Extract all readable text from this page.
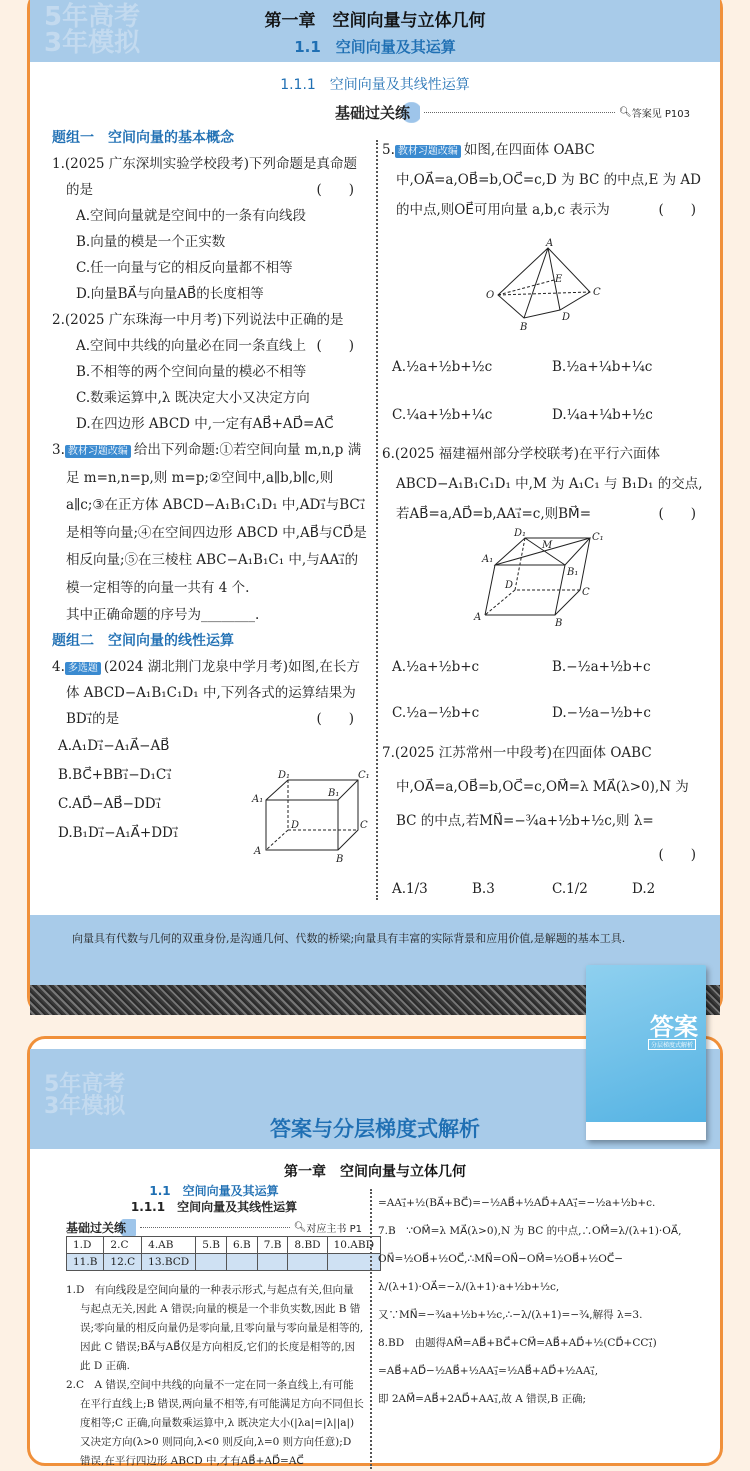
5年高考
3年模拟
第一章　空间向量与立体几何
1.1　空间向量及其运算
1.1.1　空间向量及其线性运算
基础过关练	🔍︎ 答案见 P103
题组一　空间向量的基本概念
1.(2025 广东深圳实验学校段考)下列命题是真命题的是	(　　)
A.空间向量就是空间中的一条有向线段
B.向量的模是一个正实数
C.任一向量与它的相反向量都不相等
D.向量BA⃗与向量AB⃗的长度相等
2.(2025 广东珠海一中月考)下列说法中正确的是
(　　)
A.空间中共线的向量必在同一条直线上
B.不相等的两个空间向量的模必不相等
C.数乘运算中,λ 既决定大小又决定方向
D.在四边形 ABCD 中,一定有AB⃗+AD⃗=AC⃗
3. 教材习题改编 给出下列命题:①若空间向量 m,n,p 满足 m=n,n=p,则 m=p;②空间中,a∥b,b∥c,则 a∥c;③在正方体 ABCD−A₁B₁C₁D₁ 中,AD₁⃗与BC₁⃗是相等向量;④在空间四边形 ABCD 中,AB⃗与CD⃗是相反向量;⑤在三棱柱 ABC−A₁B₁C₁ 中,与AA₁⃗的模一定相等的向量一共有 4 个.
其中正确命题的序号为________.
题组二　空间向量的线性运算
4. 多选题 (2024 湖北荆门龙泉中学月考)如图,在长方体 ABCD−A₁B₁C₁D₁ 中,下列各式的运算结果为BD₁⃗的是	(　　)
A.A₁D₁⃗−A₁A⃗−AB⃗
B.BC⃗+BB₁⃗−D₁C₁⃗
C.AD⃗−AB⃗−DD₁⃗
D.B₁D₁⃗−A₁A⃗+DD₁⃗
D₁	C₁
A₁
B₁
D	C
A
B
5. 教材习题改编 如图,在四面体 OABC 中,OA⃗=a,OB⃗=b,OC⃗=c,D 为 BC 的中点,E 为 AD 的中点,则OE⃗可用向量 a,b,c 表示为	(　　)
A.½a+½b+½c	B.½a+¼b+¼c
C.¼a+½b+¼c	D.¼a+¼b+½c
6.(2025 福建福州部分学校联考)在平行六面体 ABCD−A₁B₁C₁D₁ 中,M 为 A₁C₁ 与 B₁D₁ 的交点,若AB⃗=a,AD⃗=b,AA₁⃗=c,则BM⃗=	(　　)
A.½a+½b+c	B.−½a+½b+c
C.½a−½b+c	D.−½a−½b+c
7.(2025 江苏常州一中段考)在四面体 OABC 中,OA⃗=a,OB⃗=b,OC⃗=c,OM⃗=λ MA⃗(λ>0),N 为 BC 的中点,若MN⃗=−¾a+½b+½c,则 λ=
(　　)
A.1/3	B.3	C.1/2	D.2
A
E
O	C
D
B
D₁
M
C₁
A₁
B₁
D
C
A
B
向量具有代数与几何的双重身份,是沟通几何、代数的桥梁;向量具有丰富的实际背景和应用价值,是解题的基本工具.
5年高考
3年模拟
答案与分层梯度式解析
第一章　空间向量与立体几何
1.1　空间向量及其运算
1.1.1　空间向量及其线性运算
基础过关练	🔍︎ 对应主书 P1
1.D	2.C	4.AB	5.B	6.B	7.B	8.BD	10.ABD
11.B	12.C	13.BCD					
1.D　有向线段是空间向量的一种表示形式,与起点有关,但向量与起点无关,因此 A 错误;向量的模是一个非负实数,因此 B 错误;零向量的相反向量仍是零向量,且零向量与零向量是相等的,因此 C 错误;BA⃗与AB⃗仅是方向相反,它们的长度是相等的,因此 D 正确.
2.C　A 错误,空间中共线的向量不一定在同一条直线上,有可能在平行直线上;B 错误,两向量不相等,有可能满足方向不同但长度相等;C 正确,向量数乘运算中,λ 既决定大小(|λa|=|λ||a|)又决定方向(λ>0 则同向,λ<0 则反向,λ=0 则方向任意);D 错误,在平行四边形 ABCD 中,才有AB⃗+AD⃗=AC⃗
=AA₁⃗+½(BA⃗+BC⃗)=−½AB⃗+½AD⃗+AA₁⃗=−½a+½b+c.
7.B　∵OM⃗=λ MA⃗(λ>0),N 为 BC 的中点,∴OM⃗=λ/(λ+1)·OA⃗,
ON⃗=½OB⃗+½OC⃗,∴MN⃗=ON⃗−OM⃗=½OB⃗+½OC⃗−
λ/(λ+1)·OA⃗=−λ/(λ+1)·a+½b+½c,
又∵MN⃗=−¾a+½b+½c,∴−λ/(λ+1)=−¾,解得 λ=3.
8.BD　由题得AM⃗=AB⃗+BC⃗+CM⃗=AB⃗+AD⃗+½(CD⃗+CC₁⃗)
=AB⃗+AD⃗−½AB⃗+½AA₁⃗=½AB⃗+AD⃗+½AA₁⃗,
即 2AM⃗=AB⃗+2AD⃗+AA₁⃗,故 A 错误,B 正确;
答案
分层梯度式解析
